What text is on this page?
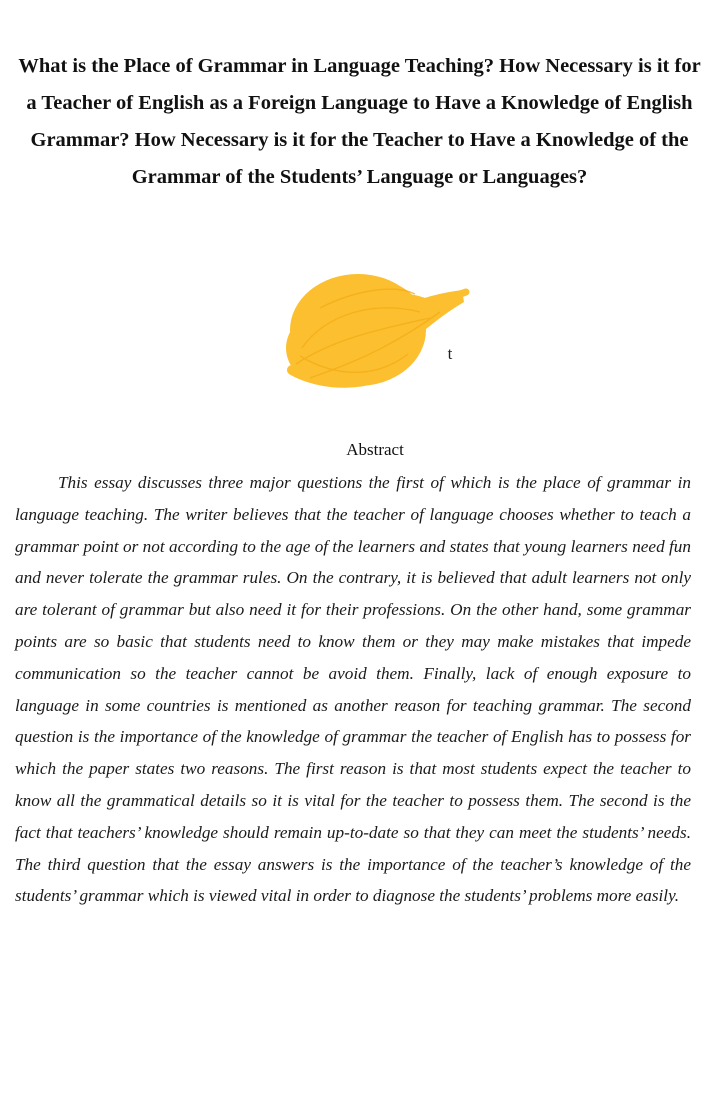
What is the Place of Grammar in Language Teaching? How Necessary is it for a Teacher of English as a Foreign Language to Have a Knowledge of English Grammar? How Necessary is it for the Teacher to Have a Knowledge of the Grammar of the Students’ Language or Languages?

t

Abstract

This essay discusses three major questions the first of which is the place of grammar in language teaching. The writer believes that the teacher of language chooses whether to teach a grammar point or not according to the age of the learners and states that young learners need fun and never tolerate the grammar rules. On the contrary, it is believed that adult learners not only are tolerant of grammar but also need it for their professions. On the other hand, some grammar points are so basic that students need to know them or they may make mistakes that impede communication so the teacher cannot be avoid them. Finally, lack of enough exposure to language in some countries is mentioned as another reason for teaching grammar. The second question is the importance of the knowledge of grammar the teacher of English has to possess for which the paper states two reasons. The first reason is that most students expect the teacher to know all the grammatical details so it is vital for the teacher to possess them. The second is the fact that teachers’ knowledge should remain up-to-date so that they can meet the students’ needs. The third question that the essay answers is the importance of the teacher’s knowledge of the students’ grammar which is viewed vital in order to diagnose the students’ problems more easily.
